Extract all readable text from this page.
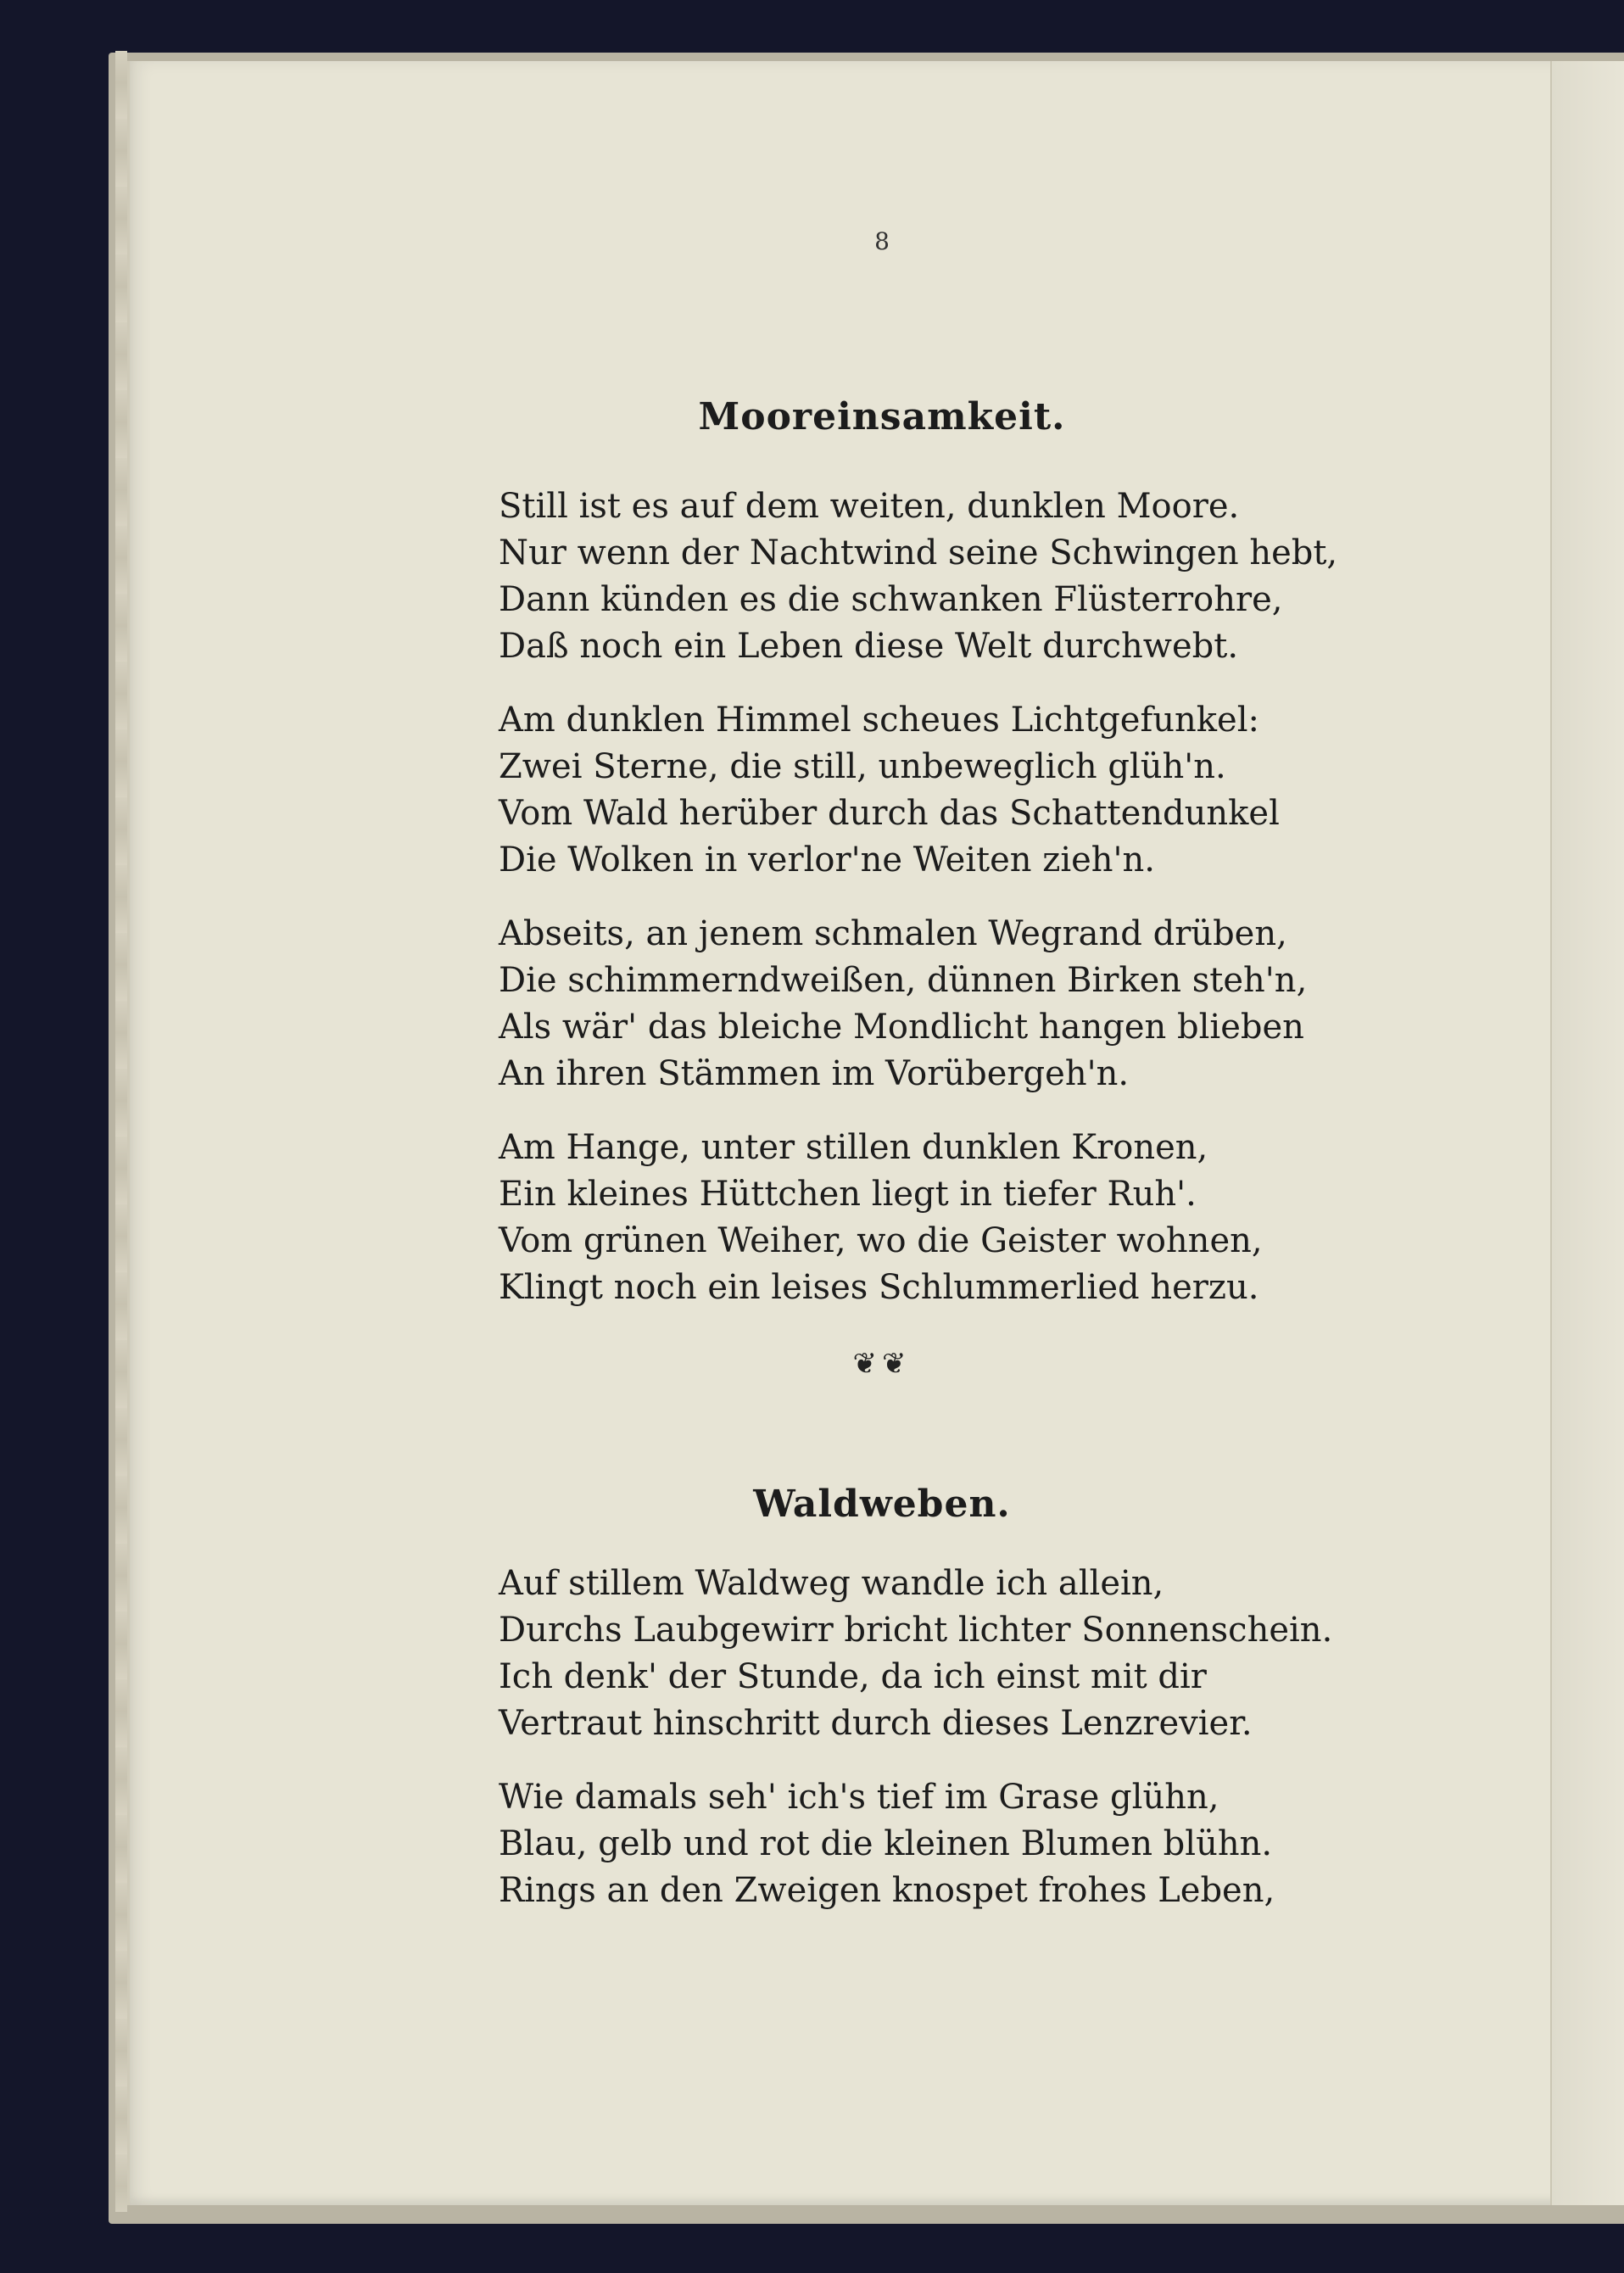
8
Mooreinsamkeit.
Still ist es auf dem weiten, dunklen Moore.
Nur wenn der Nachtwind seine Schwingen hebt,
Dann künden es die schwanken Flüsterrohre,
Daß noch ein Leben diese Welt durchwebt.
Am dunklen Himmel scheues Lichtgefunkel:
Zwei Sterne, die still, unbeweglich glüh'n.
Vom Wald herüber durch das Schattendunkel
Die Wolken in verlor'ne Weiten zieh'n.
Abseits, an jenem schmalen Wegrand drüben,
Die schimmerndweißen, dünnen Birken steh'n,
Als wär' das bleiche Mondlicht hangen blieben
An ihren Stämmen im Vorübergeh'n.
Am Hange, unter stillen dunklen Kronen,
Ein kleines Hüttchen liegt in tiefer Ruh'.
Vom grünen Weiher, wo die Geister wohnen,
Klingt noch ein leises Schlummerlied herzu.
❦❦
Waldweben.
Auf stillem Waldweg wandle ich allein,
Durchs Laubgewirr bricht lichter Sonnenschein.
Ich denk' der Stunde, da ich einst mit dir
Vertraut hinschritt durch dieses Lenzrevier.
Wie damals seh' ich's tief im Grase glühn,
Blau, gelb und rot die kleinen Blumen blühn.
Rings an den Zweigen knospet frohes Leben,
